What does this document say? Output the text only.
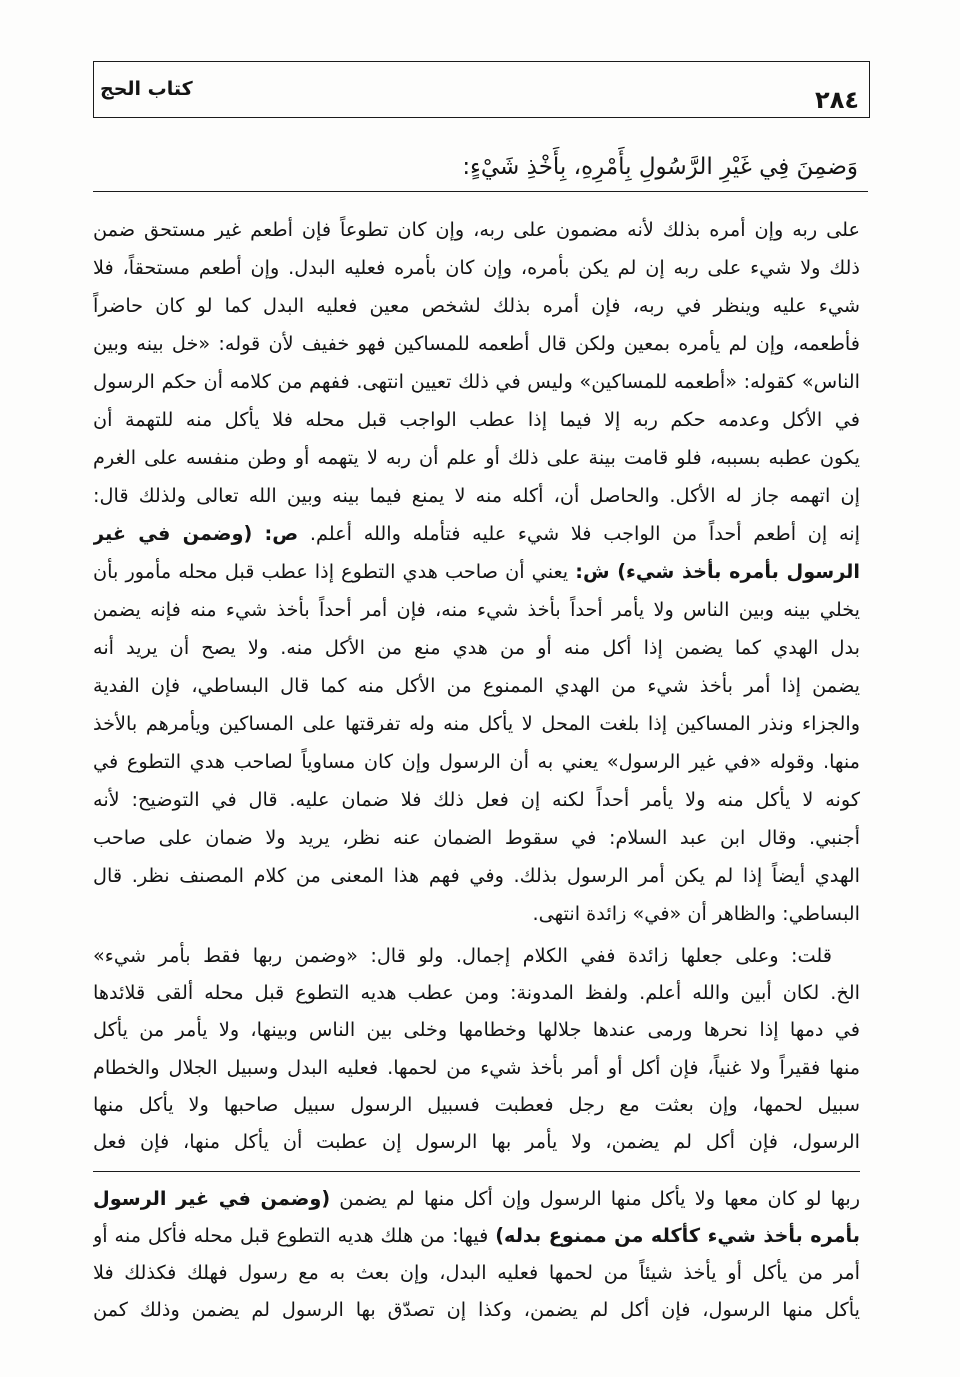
٢٨٤
كتاب الحج
وَضمِنَ فِي غَيْرِ الرَّسُولِ بِأَمْرِهِ، بِأَخْذِ شَيْءٍ:
على ربه وإن أمره بذلك لأنه مضمون على ربه، وإن كان تطوعاً فإن أطعم غير مستحق ضمن
ذلك ولا شيء على ربه إن لم يكن بأمره، وإن كان بأمره فعليه البدل. وإن أطعم مستحقاً، فلا
شيء عليه وينظر في ربه، فإن أمره بذلك لشخص معين فعليه البدل كما لو كان حاضراً
فأطعمه، وإن لم يأمره بمعين ولكن قال أطعمه للمساكين فهو خفيف لأن قوله: «خل بينه وبين
الناس» كقوله: «أطعمه للمساكين» وليس في ذلك تعيين انتهى. ففهم من كلامه أن حكم الرسول
في الأكل وعدمه حكم ربه إلا فيما إذا عطب الواجب قبل محله فلا يأكل منه للتهمة أن
يكون عطبه بسببه، فلو قامت بينة على ذلك أو علم أن ربه لا يتهمه أو وطن منفسه على الغرم
إن اتهمه جاز له الأكل. والحاصل أن، أكله منه لا يمنع فيما بينه وبين الله تعالى ولذلك قال:
إنه إن أطعم أحداً من الواجب فلا شيء عليه فتأمله والله أعلم. ص: (وضمن في غير
الرسول بأمره بأخذ شيء) ش: يعني أن صاحب هدي التطوع إذا عطب قبل محله مأمور بأن
يخلي بينه وبين الناس ولا يأمر أحداً بأخذ شيء منه، فإن أمر أحداً بأخذ شيء منه فإنه يضمن
بدل الهدي كما يضمن إذا أكل منه أو من هدي منع من الأكل منه. ولا يصح أن يريد أنه
يضمن إذا أمر بأخذ شيء من الهدي الممنوع من الأكل منه كما قال البساطي، فإن الفدية
والجزاء ونذر المساكين إذا بلغت المحل لا يأكل منه وله تفرقتها على المساكين ويأمرهم بالأخذ
منها. وقوله «في غير الرسول» يعني به أن الرسول وإن كان مساوياً لصاحب هدي التطوع في
كونه لا يأكل منه ولا يأمر أحداً لكنه إن فعل ذلك فلا ضمان عليه. قال في التوضيح: لأنه
أجنبي. وقال ابن عبد السلام: في سقوط الضمان عنه نظر، يريد ولا ضمان على صاحب
الهدي أيضاً إذا لم يكن أمر الرسول بذلك. وفي فهم هذا المعنى من كلام المصنف نظر. قال
البساطي: والظاهر أن «في» زائدة انتهى.
قلت: وعلى جعلها زائدة ففي الكلام إجمال. ولو قال: «وضمن ربها فقط بأمر شيء»
الخ. لكان أبين والله أعلم. ولفظ المدونة: ومن عطب هديه التطوع قبل محله ألقى قلائدها
في دمها إذا نحرها ورمى عندها جلالها وخطامها وخلى بين الناس وبينها، ولا يأمر من يأكل
منها فقيراً ولا غنياً، فإن أكل أو أمر بأخذ شيء من لحمها. فعليه البدل وسبيل الجلال والخطام
سبيل لحمها، وإن بعثت مع رجل فعطبت فسبيل الرسول سبيل صاحبها ولا يأكل منها
الرسول، فإن أكل لم يضمن، ولا يأمر بها الرسول إن عطبت أن يأكل منها، فإن فعل
ربها لو كان معها ولا يأكل منها الرسول وإن أكل منها لم يضمن (وضمن في غير الرسول
بأمره بأخذ شيء كأكله من ممنوع بدله) فيها: من هلك هديه التطوع قبل محله فأكل منه أو
أمر من يأكل أو يأخذ شيئاً من لحمها فعليه البدل، وإن بعث به مع رسول فهلك فكذلك فلا
يأكل منها الرسول، فإن أكل لم يضمن، وكذا إن تصدّق بها الرسول لم يضمن وذلك كمن
